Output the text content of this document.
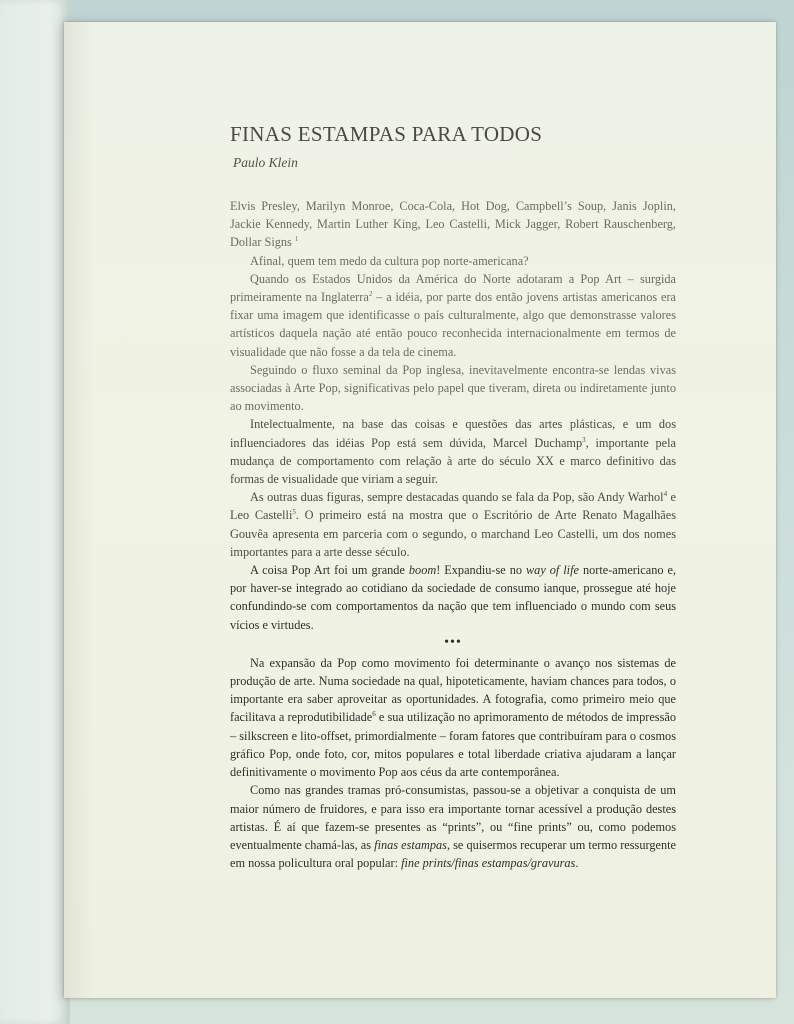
FINAS ESTAMPAS PARA TODOS
Paulo Klein

Elvis Presley, Marilyn Monroe, Coca-Cola, Hot Dog, Campbell’s Soup, Janis Joplin, Jackie Kennedy, Martin Luther King, Leo Castelli, Mick Jagger, Robert Rauschenberg, Dollar Signs $^1$

Afinal, quem tem medo da cultura pop norte-americana?

Quando os Estados Unidos da América do Norte adotaram a Pop Art – surgida primeiramente na Inglaterra$^2$ – a idéia, por parte dos então jovens artistas americanos era fixar uma imagem que identificasse o país culturalmente, algo que demonstrasse valores artísticos daquela nação até então pouco reconhecida internacionalmente em termos de visualidade que não fosse a da tela de cinema.

Seguindo o fluxo seminal da Pop inglesa, inevitavelmente encontra-se lendas vivas associadas à Arte Pop, significativas pelo papel que tiveram, direta ou indiretamente junto ao movimento.

Intelectualmente, na base das coisas e questões das artes plásticas, e um dos influenciadores das idéias Pop está sem dúvida, Marcel Duchamp$^3$, importante pela mudança de comportamento com relação à arte do século XX e marco definitivo das formas de visualidade que viriam a seguir.

As outras duas figuras, sempre destacadas quando se fala da Pop, são Andy Warhol$^4$ e Leo Castelli$^5$. O primeiro está na mostra que o Escritório de Arte Renato Magalhães Gouvêa apresenta em parceria com o segundo, o marchand Leo Castelli, um dos nomes importantes para a arte desse século.

A coisa Pop Art foi um grande boom! Expandiu-se no way of life norte-americano e, por haver-se integrado ao cotidiano da sociedade de consumo ianque, prossegue até hoje confundindo-se com comportamentos da nação que tem influenciado o mundo com seus vícios e virtudes.

•••

Na expansão da Pop como movimento foi determinante o avanço nos sistemas de produção de arte. Numa sociedade na qual, hipoteticamente, haviam chances para todos, o importante era saber aproveitar as oportunidades. A fotografia, como primeiro meio que facilitava a reprodutibilidade$^6$ e sua utilização no aprimoramento de métodos de impressão – silkscreen e lito-offset, primordialmente – foram fatores que contribuíram para o cosmos gráfico Pop, onde foto, cor, mitos populares e total liberdade criativa ajudaram a lançar definitivamente o movimento Pop aos céus da arte contemporânea.

Como nas grandes tramas pró-consumistas, passou-se a objetivar a conquista de um maior número de fruidores, e para isso era importante tornar acessível a produção destes artistas. É aí que fazem-se presentes as “prints”, ou “fine prints” ou, como podemos eventualmente chamá-las, as finas estampas, se quisermos recuperar um termo ressurgente em nossa policultura oral popular: fine prints/finas estampas/gravuras.
